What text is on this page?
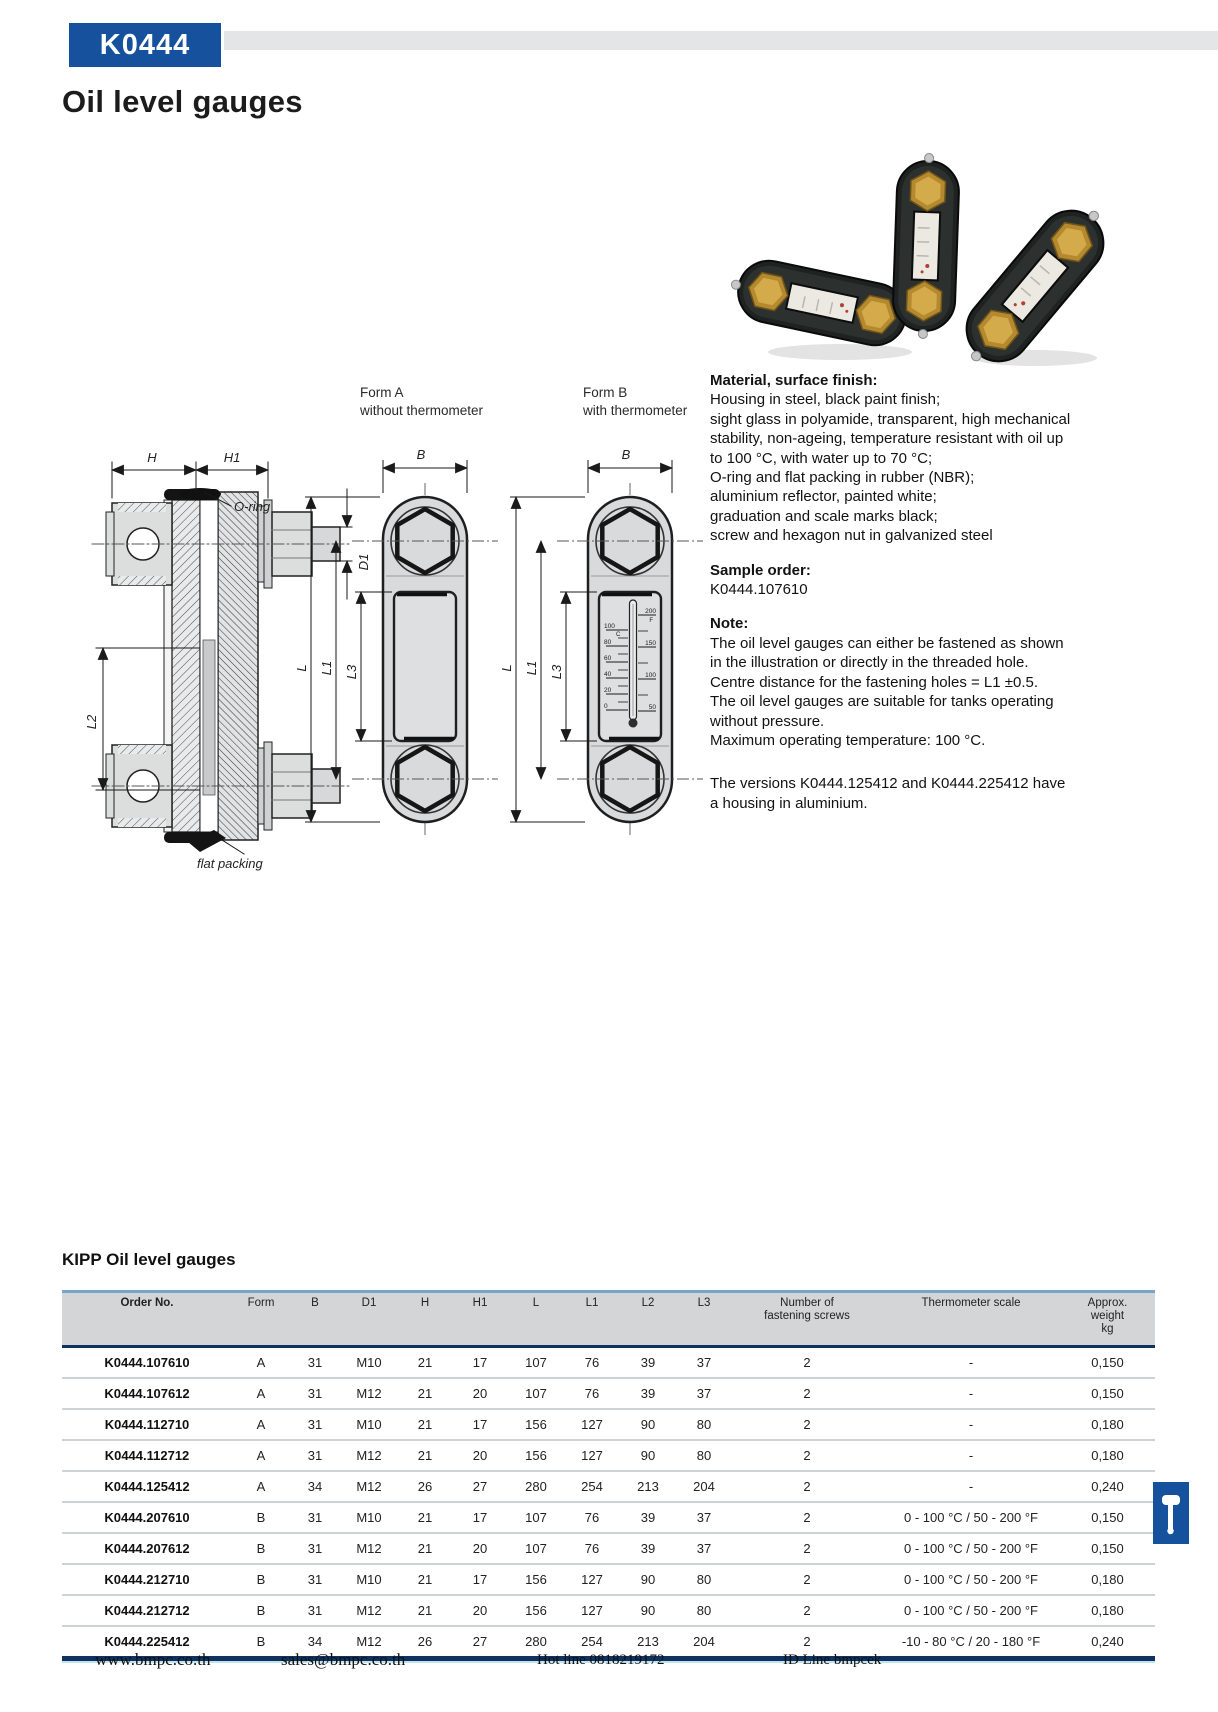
K0444
Oil level gauges
H	H1
O-ring
D1
L2
flat packing
Form A
without thermometer
B
L L1 L3
Form B
with thermometer
100
80
60
40
20
0
C
200
150
100
50
F
B
L L1 L3
Material, surface finish:
Housing in steel, black paint finish;
sight glass in polyamide, transparent, high mechanical
stability, non-ageing, temperature resistant with oil up
to 100 °C, with water up to 70 °C;
O-ring and flat packing in rubber (NBR);
aluminium reflector, painted white;
graduation and scale marks black;
screw and hexagon nut in galvanized steel
Sample order:
K0444.107610
Note:
The oil level gauges can either be fastened as shown
in the illustration or directly in the threaded hole.
Centre distance for the fastening holes = L1 ±0.5.
The oil level gauges are suitable for tanks operating
without pressure.
Maximum operating temperature: 100 °C.
The versions K0444.125412 and K0444.225412 have
a housing in aluminium.
KIPP Oil level gauges
Order No.	Form	B	D1	H	H1	L	L1	L2	L3	Number of
fastening screws
Thermometer scale	Approx.
weight
kg
K0444.107610	A	31	M10	21	17	107	76	39	37	2	-	0,150
K0444.107612	A	31	M12	21	20	107	76	39	37	2	-	0,150
K0444.112710	A	31	M10	21	17	156	127	90	80	2	-	0,180
K0444.112712	A	31	M12	21	20	156	127	90	80	2	-	0,180
K0444.125412	A	34	M12	26	27	280	254	213	204	2	-	0,240
K0444.207610	B	31	M10	21	17	107	76	39	37	2	0 - 100 °C / 50 - 200 °F	0,150
K0444.207612	B	31	M12	21	20	107	76	39	37	2	0 - 100 °C / 50 - 200 °F	0,150
K0444.212710	B	31	M10	21	17	156	127	90	80	2	0 - 100 °C / 50 - 200 °F	0,180
K0444.212712	B	31	M12	21	20	156	127	90	80	2	0 - 100 °C / 50 - 200 °F	0,180
K0444.225412	B	34	M12	26	27	280	254	213	204	2	-10 - 80 °C / 20 - 180 °F	0,240
www.bmpc.co.th	sales@bmpc.co.th	Hot line 0818219172	ID Line bmpcek
